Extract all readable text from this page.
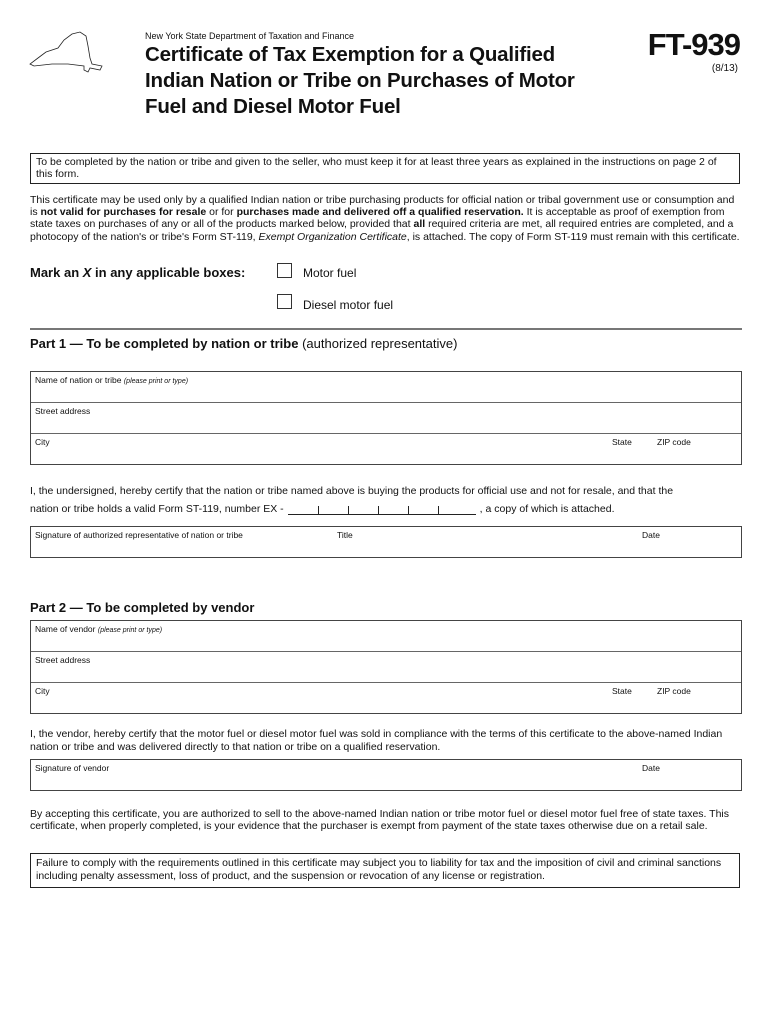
New York State Department of Taxation and Finance
Certificate of Tax Exemption for a Qualified
Indian Nation or Tribe on Purchases of Motor
Fuel and Diesel Motor Fuel
FT-939
(8/13)
To be completed by the nation or tribe and given to the seller, who must keep it for at least three years as explained in the instructions on page 2 of this form.
This certificate may be used only by a qualified Indian nation or tribe purchasing products for official nation or tribal government use or consumption and is not valid for purchases for resale or for purchases made and delivered off a qualified reservation. It is acceptable as proof of exemption from state taxes on purchases of any or all of the products marked below, provided that all required criteria are met, all required entries are completed, and a photocopy of the nation's or tribe's Form ST-119, Exempt Organization Certificate, is attached. The copy of Form ST-119 must remain with this certificate.
Mark an X in any applicable boxes:	Motor fuel
Diesel motor fuel
Part 1 — To be completed by nation or tribe (authorized representative)
Name of nation or tribe (please print or type)
Street address
City	State	ZIP code
I, the undersigned, hereby certify that the nation or tribe named above is buying the products for official use and not for resale, and that the
nation or tribe holds a valid Form ST-119, number EX -	, a copy of which is attached.
Signature of authorized representative of nation or tribe	Title	Date
Part 2 — To be completed by vendor
Name of vendor (please print or type)
Street address
City	State	ZIP code
I, the vendor, hereby certify that the motor fuel or diesel motor fuel was sold in compliance with the terms of this certificate to the above-named Indian nation or tribe and was delivered directly to that nation or tribe on a qualified reservation.
Signature of vendor	Date
By accepting this certificate, you are authorized to sell to the above-named Indian nation or tribe motor fuel or diesel motor fuel free of state taxes. This certificate, when properly completed, is your evidence that the purchaser is exempt from payment of the state taxes otherwise due on a retail sale.
Failure to comply with the requirements outlined in this certificate may subject you to liability for tax and the imposition of civil and criminal sanctions including penalty assessment, loss of product, and the suspension or revocation of any license or registration.
